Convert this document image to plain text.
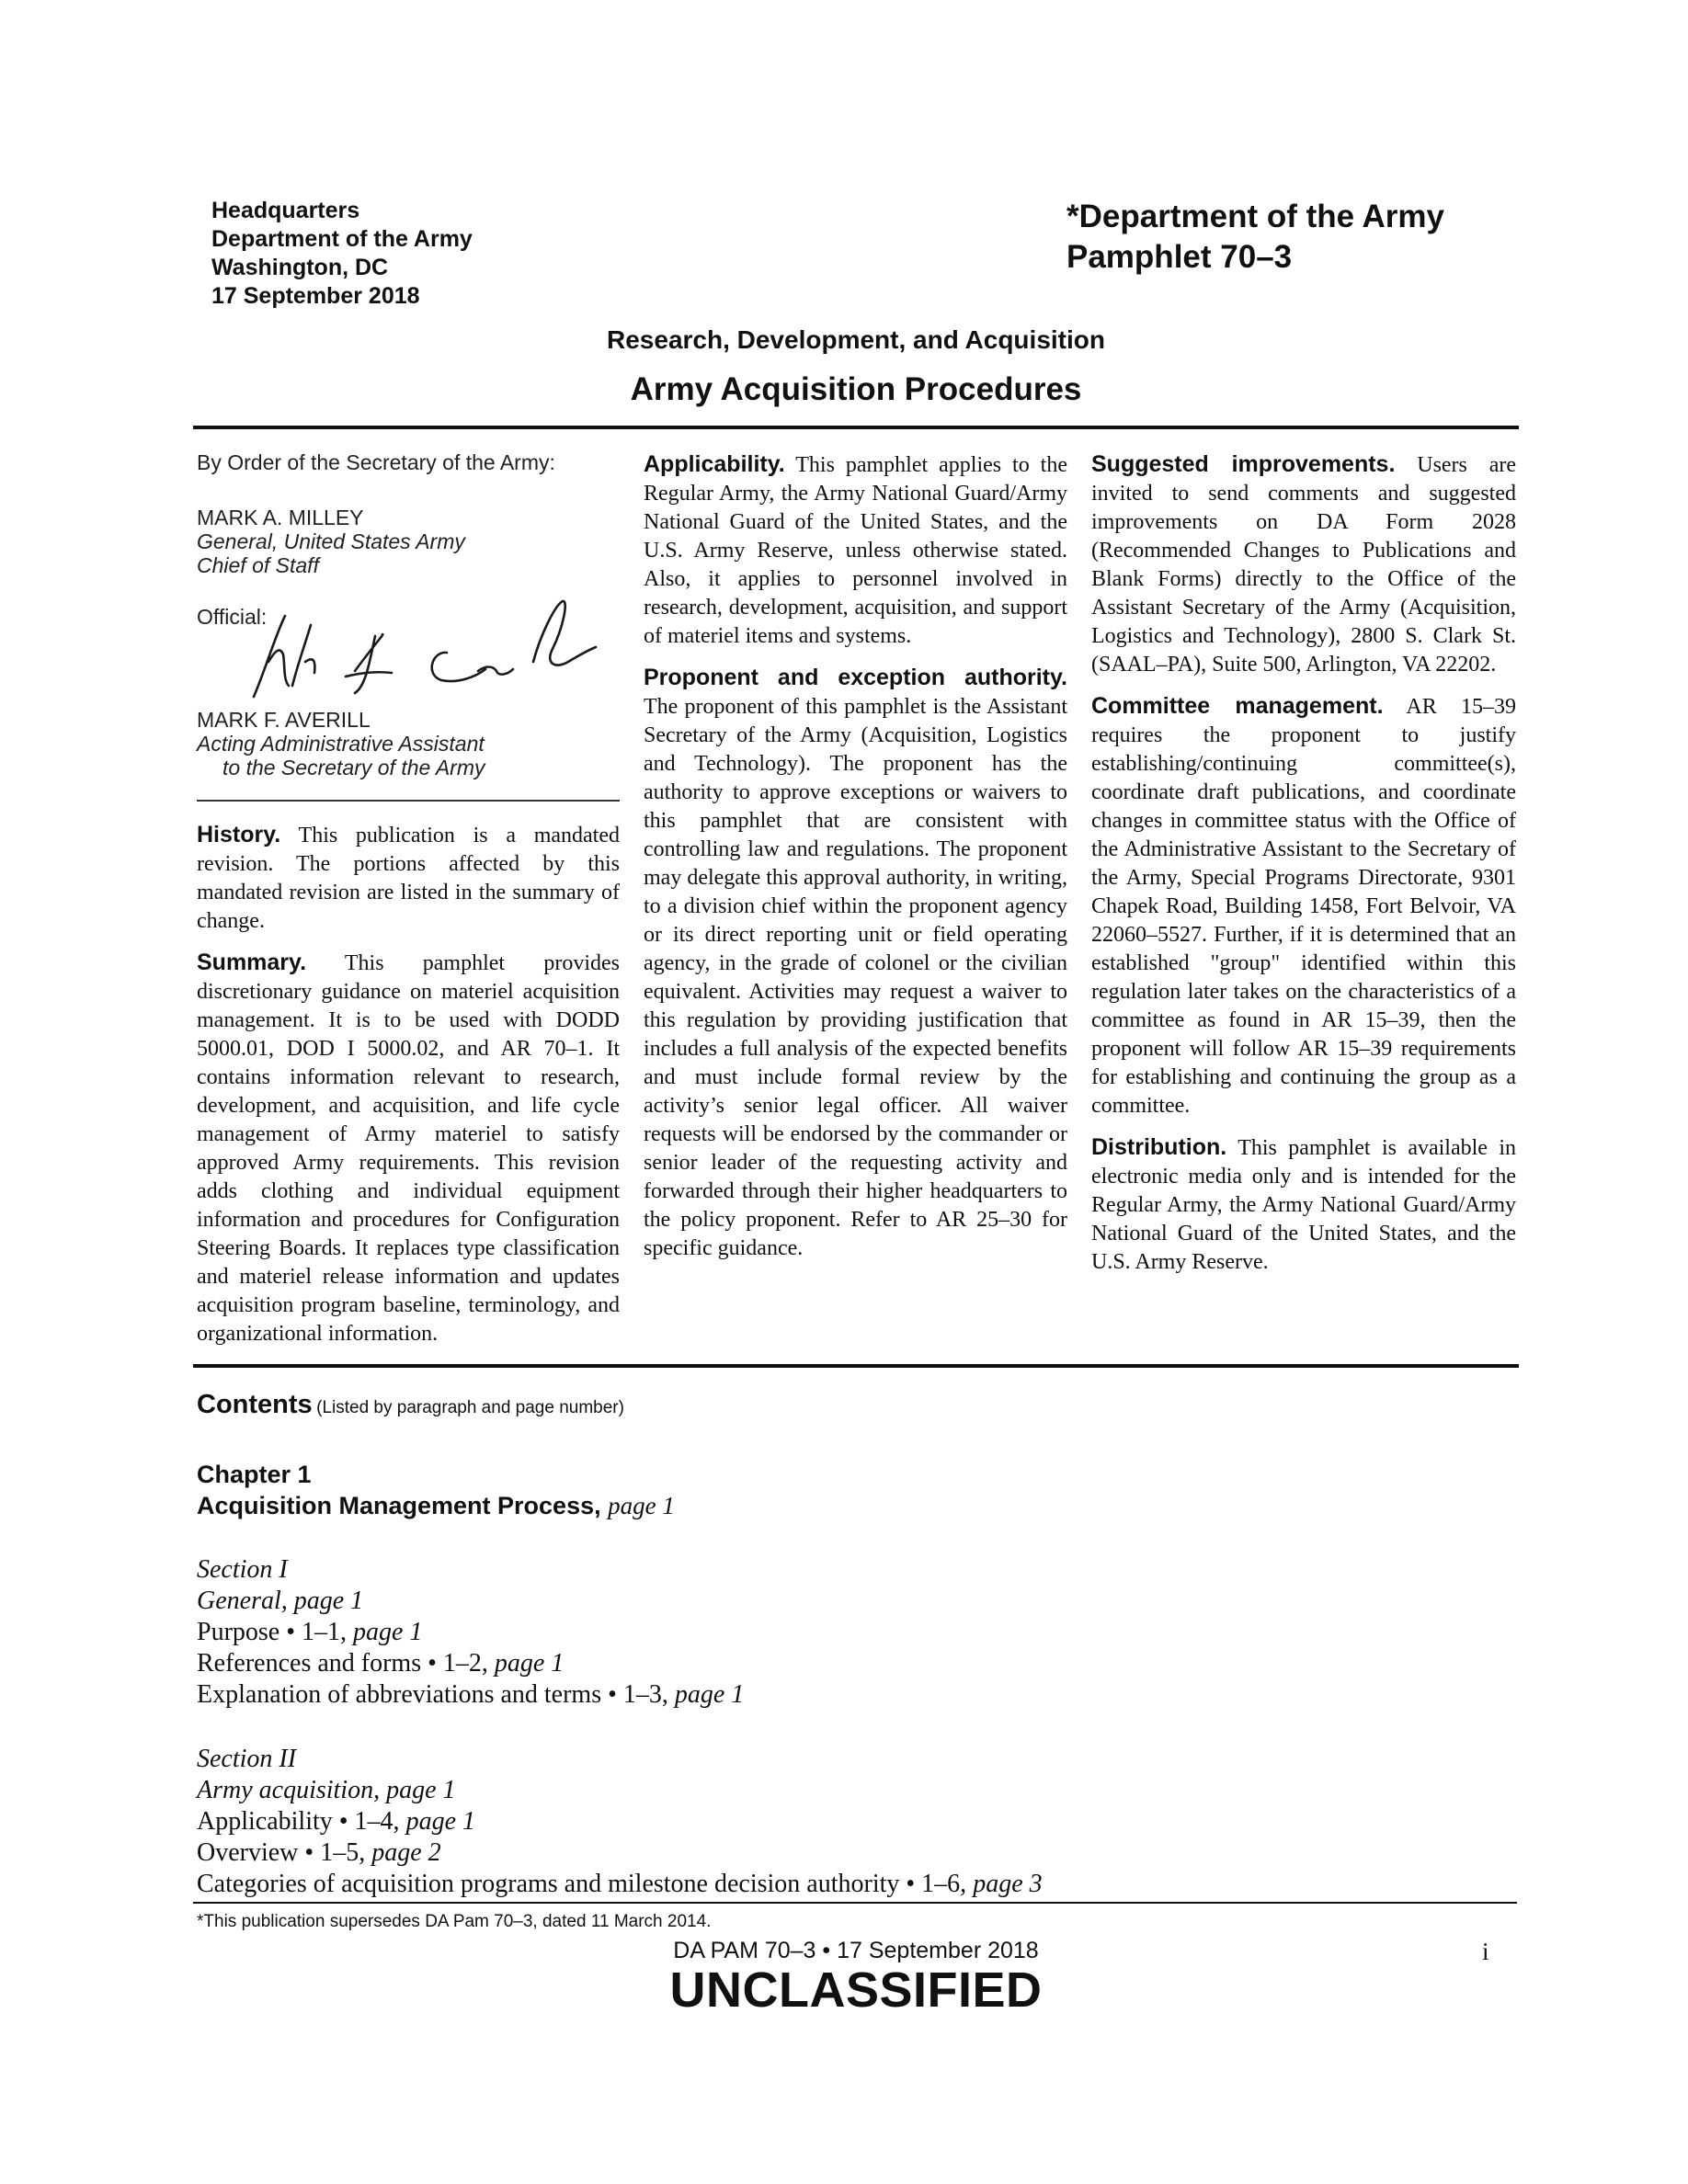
Headquarters
Department of the Army
Washington, DC
17 September 2018
*Department of the Army
Pamphlet 70–3
Research, Development, and Acquisition
Army Acquisition Procedures
By Order of the Secretary of the Army:
MARK A. MILLEY
General, United States Army
Chief of Staff
Official:
MARK F. AVERILL
Acting Administrative Assistant
to the Secretary of the Army

History. This publication is a mandated revision. The portions affected by this mandated revision are listed in the summary of change.

Summary. This pamphlet provides discretionary guidance on materiel acquisition management. It is to be used with DODD 5000.01, DOD I 5000.02, and AR 70–1. It contains information relevant to research, development, and acquisition, and life cycle management of Army materiel to satisfy approved Army requirements. This revision adds clothing and individual equipment information and procedures for Configuration Steering Boards. It replaces type classification and materiel release information and updates acquisition program baseline, terminology, and organizational information.

Applicability. This pamphlet applies to the Regular Army, the Army National Guard/Army National Guard of the United States, and the U.S. Army Reserve, unless otherwise stated. Also, it applies to personnel involved in research, development, acquisition, and support of materiel items and systems.

Proponent and exception authority. The proponent of this pamphlet is the Assistant Secretary of the Army (Acquisition, Logistics and Technology). The proponent has the authority to approve exceptions or waivers to this pamphlet that are consistent with controlling law and regulations. The proponent may delegate this approval authority, in writing, to a division chief within the proponent agency or its direct reporting unit or field operating agency, in the grade of colonel or the civilian equivalent. Activities may request a waiver to this regulation by providing justification that includes a full analysis of the expected benefits and must include formal review by the activity’s senior legal officer. All waiver requests will be endorsed by the commander or senior leader of the requesting activity and forwarded through their higher headquarters to the policy proponent. Refer to AR 25–30 for specific guidance.

Suggested improvements. Users are invited to send comments and suggested improvements on DA Form 2028 (Recommended Changes to Publications and Blank Forms) directly to the Office of the Assistant Secretary of the Army (Acquisition, Logistics and Technology), 2800 S. Clark St. (SAAL–PA), Suite 500, Arlington, VA 22202.

Committee management. AR 15–39 requires the proponent to justify establishing/continuing committee(s), coordinate draft publications, and coordinate changes in committee status with the Office of the Administrative Assistant to the Secretary of the Army, Special Programs Directorate, 9301 Chapek Road, Building 1458, Fort Belvoir, VA 22060–5527. Further, if it is determined that an established "group" identified within this regulation later takes on the characteristics of a committee as found in AR 15–39, then the proponent will follow AR 15–39 requirements for establishing and continuing the group as a committee.

Distribution. This pamphlet is available in electronic media only and is intended for the Regular Army, the Army National Guard/Army National Guard of the United States, and the U.S. Army Reserve.

Contents (Listed by paragraph and page number)
Chapter 1
Acquisition Management Process, page 1
Section I
General, page 1
Purpose • 1–1, page 1
References and forms • 1–2, page 1
Explanation of abbreviations and terms • 1–3, page 1
Section II
Army acquisition, page 1
Applicability • 1–4, page 1
Overview • 1–5, page 2
Categories of acquisition programs and milestone decision authority • 1–6, page 3
*This publication supersedes DA Pam 70–3, dated 11 March 2014.
DA PAM 70–3 • 17 September 2018	i
UNCLASSIFIED
